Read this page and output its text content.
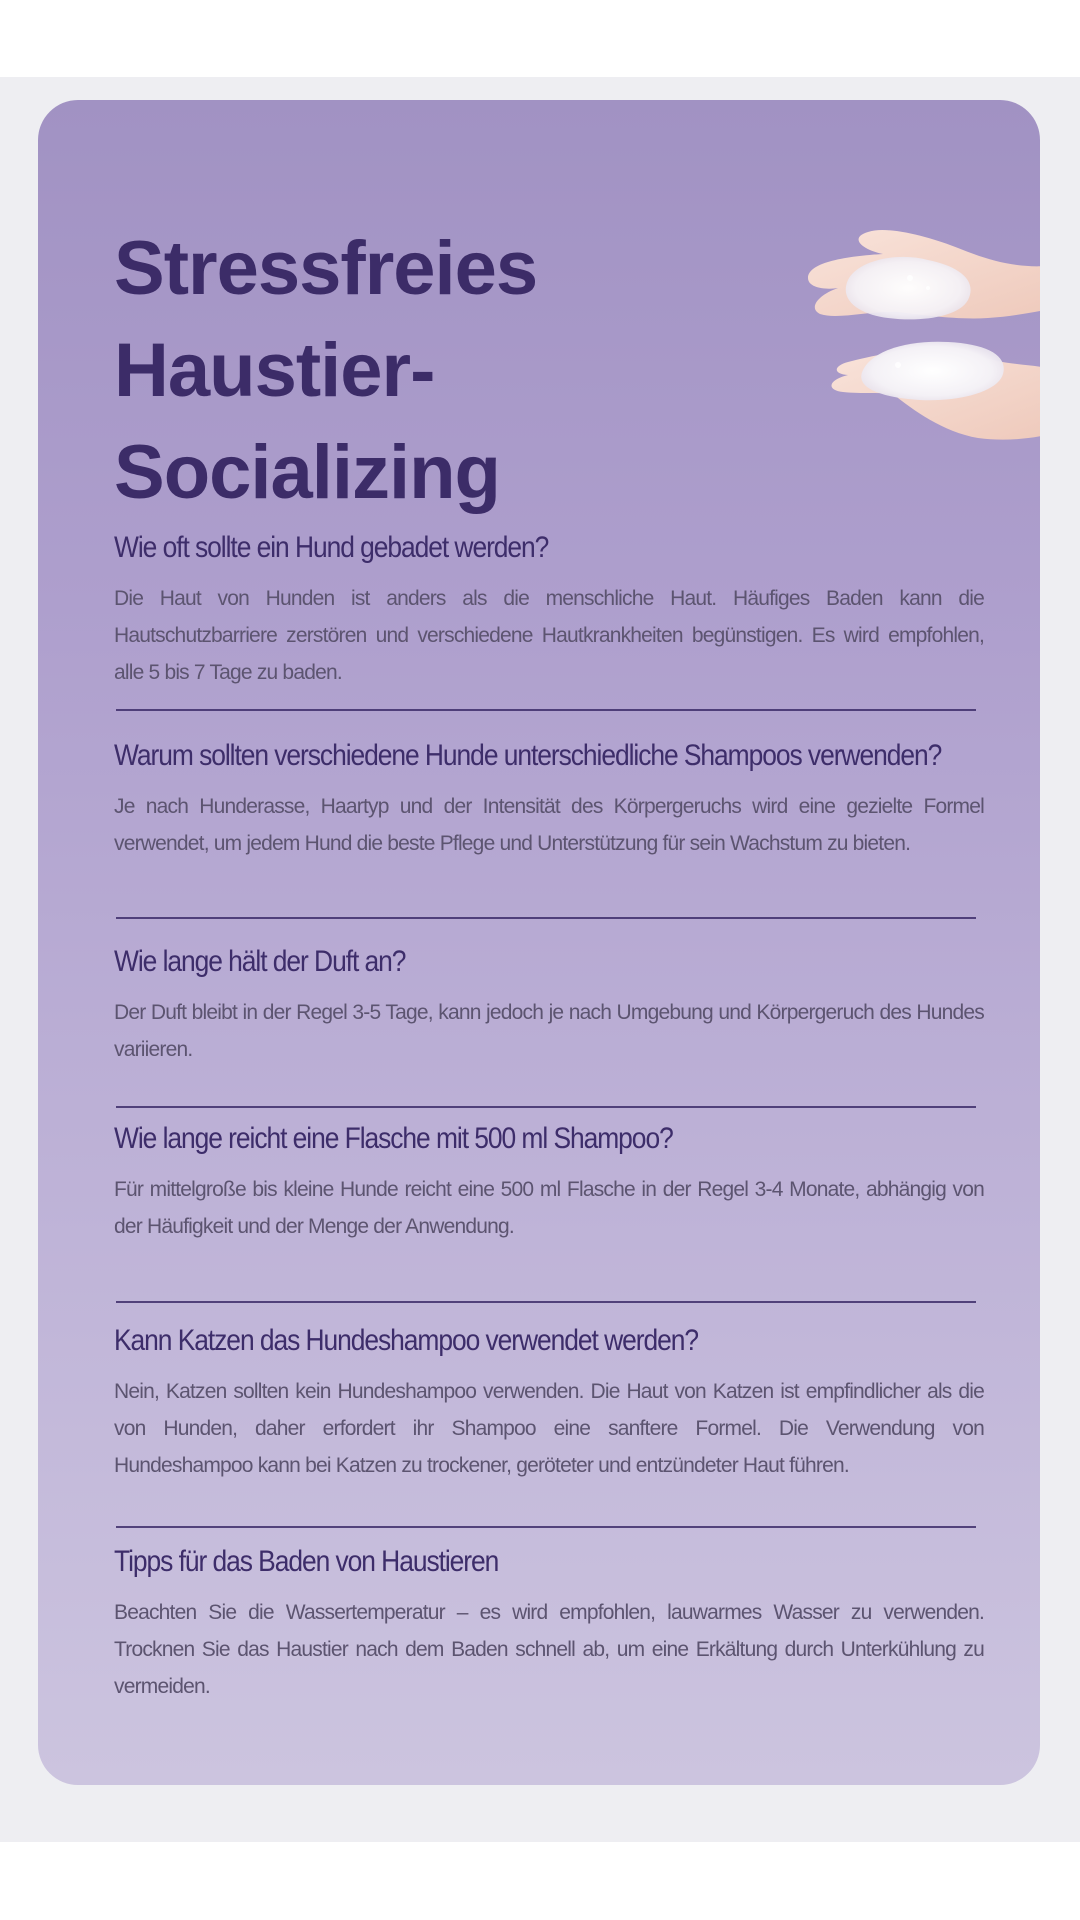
Stressfreies
Haustier-Socializing
Wie oft sollte ein Hund gebadet werden?

Die Haut von Hunden ist anders als die menschliche Haut. Häufiges Baden kann die Hautschutzbarriere zerstören und verschiedene Hautkrankheiten begünstigen. Es wird empfohlen, alle 5 bis 7 Tage zu baden.

Warum sollten verschiedene Hunde unterschiedliche Shampoos verwenden?

Je nach Hunderasse, Haartyp und der Intensität des Körpergeruchs wird eine gezielte Formel verwendet, um jedem Hund die beste Pflege und Unterstützung für sein Wachstum zu bieten.

Wie lange hält der Duft an?

Der Duft bleibt in der Regel 3-5 Tage, kann jedoch je nach Umgebung und Körpergeruch des Hundes variieren.

Wie lange reicht eine Flasche mit 500 ml Shampoo?

Für mittelgroße bis kleine Hunde reicht eine 500 ml Flasche in der Regel 3-4 Monate, abhängig von der Häufigkeit und der Menge der Anwendung.

Kann Katzen das Hundeshampoo verwendet werden?

Nein, Katzen sollten kein Hundeshampoo verwenden. Die Haut von Katzen ist empfindlicher als die von Hunden, daher erfordert ihr Shampoo eine sanftere Formel. Die Verwendung von Hundeshampoo kann bei Katzen zu trockener, geröteter und entzündeter Haut führen.

Tipps für das Baden von Haustieren

Beachten Sie die Wassertemperatur – es wird empfohlen, lauwarmes Wasser zu verwenden. Trocknen Sie das Haustier nach dem Baden schnell ab, um eine Erkältung durch Unterkühlung zu vermeiden.
